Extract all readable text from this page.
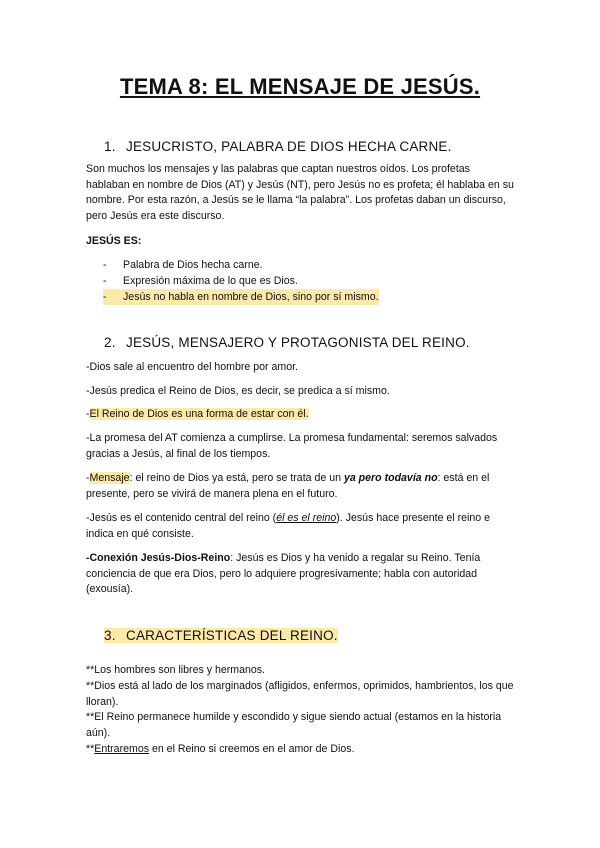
TEMA 8: EL MENSAJE DE JESÚS.
1. JESUCRISTO, PALABRA DE DIOS HECHA CARNE.
Son muchos los mensajes y las palabras que captan nuestros oídos. Los profetas hablaban en nombre de Dios (AT) y Jesús (NT), pero Jesús no es profeta; él hablaba en su nombre. Por esta razón, a Jesús se le llama “la palabra”. Los profetas daban un discurso, pero Jesús era este discurso.
JESÚS ES:
-	Palabra de Dios hecha carne.
-	Expresión máxima de lo que es Dios.
-	Jesús no habla en nombre de Dios, sino por sí mismo.
2. JESÚS, MENSAJERO Y PROTAGONISTA DEL REINO.
-Dios sale al encuentro del hombre por amor.
-Jesús predica el Reino de Dios, es decir, se predica a sí mismo.
-El Reino de Dios es una forma de estar con él.
-La promesa del AT comienza a cumplirse. La promesa fundamental: seremos salvados gracias a Jesús, al final de los tiempos.
-Mensaje: el reino de Dios ya está, pero se trata de un ya pero todavía no: está en el presente, pero se vivirá de manera plena en el futuro.
-Jesús es el contenido central del reino (él es el reino). Jesús hace presente el reino e indica en qué consiste.
-Conexión Jesús-Dios-Reino: Jesús es Dios y ha venido a regalar su Reino. Tenía conciencia de que era Dios, pero lo adquiere progresivamente; habla con autoridad (exousía).
3. CARACTERÍSTICAS DEL REINO.
**Los hombres son libres y hermanos.
**Dios está al lado de los marginados (afligidos, enfermos, oprimidos, hambrientos, los que lloran).
**El Reino permanece humilde y escondido y sigue siendo actual (estamos en la historia aún).
**Entraremos en el Reino si creemos en el amor de Dios.
